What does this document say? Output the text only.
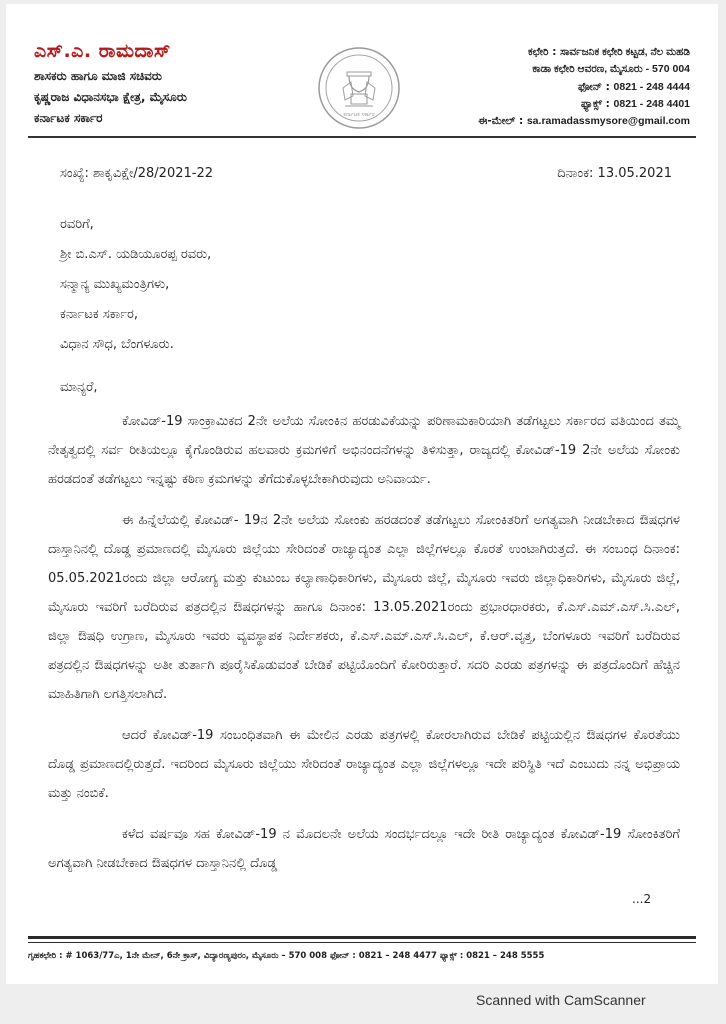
ಎಸ್.ಎ. ರಾಮದಾಸ್
ಶಾಸಕರು ಹಾಗೂ ಮಾಜಿ ಸಚಿವರು
ಕೃಷ್ಣರಾಜ ವಿಧಾನಸಭಾ ಕ್ಷೇತ್ರ, ಮೈಸೂರು
ಕರ್ನಾಟಕ ಸರ್ಕಾರ	ಕರ್ನಾಟಕ ಸರ್ಕಾರ
ಕಛೇರಿ : ಸಾರ್ವಜನಿಕ ಕಛೇರಿ ಕಟ್ಟಡ, ನೆಲ ಮಹಡಿ
ಕಾಡಾ ಕಛೇರಿ ಆವರಣ, ಮೈಸೂರು - 570 004
ಫೋನ್ : 0821 - 248 4444
ಫ್ಯಾಕ್ಸ್ : 0821 - 248 4401
ಈ-ಮೇಲ್ : sa.ramadassmysore@gmail.com
ಸಂಖ್ಯೆ: ಶಾಕೃವಿಕ್ಷೇ/28/2021-22	ದಿನಾಂಕ: 13.05.2021
ರವರಿಗೆ,
ಶ್ರೀ ಬಿ.ಎಸ್. ಯಡಿಯೂರಪ್ಪ ರವರು,
ಸನ್ಮಾನ್ಯ ಮುಖ್ಯಮಂತ್ರಿಗಳು,
ಕರ್ನಾಟಕ ಸರ್ಕಾರ,
ವಿಧಾನ ಸೌಧ, ಬೆಂಗಳೂರು.
ಮಾನ್ಯರೆ,
ಕೋವಿಡ್-19 ಸಾಂಕ್ರಾಮಿಕದ 2ನೇ ಅಲೆಯ ಸೋಂಕಿನ ಹರಡುವಿಕೆಯನ್ನು ಪರಿಣಾಮಕಾರಿಯಾಗಿ ತಡೆಗಟ್ಟಲು ಸರ್ಕಾರದ ವತಿಯಿಂದ ತಮ್ಮ ನೇತೃತ್ವದಲ್ಲಿ ಸರ್ವ ರೀತಿಯಲ್ಲೂ ಕೈಗೊಂಡಿರುವ ಹಲವಾರು ಕ್ರಮಗಳಿಗೆ ಅಭಿನಂದನೆಗಳನ್ನು ತಿಳಿಸುತ್ತಾ, ರಾಜ್ಯದಲ್ಲಿ ಕೋವಿಡ್-19 2ನೇ ಅಲೆಯ ಸೋಂಕು ಹರಡದಂತೆ ತಡೆಗಟ್ಟಲು ಇನ್ನಷ್ಟು ಕಠಿಣ ಕ್ರಮಗಳನ್ನು ತೆಗೆದುಕೊಳ್ಳಬೇಕಾಗಿರುವುದು ಅನಿವಾರ್ಯ.
ಈ ಹಿನ್ನೆಲೆಯಲ್ಲಿ ಕೋವಿಡ್- 19ನ 2ನೇ ಅಲೆಯ ಸೋಂಕು ಹರಡದಂತೆ ತಡೆಗಟ್ಟಲು ಸೋಂಕಿತರಿಗೆ ಅಗತ್ಯವಾಗಿ ನೀಡಬೇಕಾದ ಔಷಧಗಳ ದಾಸ್ತಾನಿನಲ್ಲಿ ದೊಡ್ಡ ಪ್ರಮಾಣದಲ್ಲಿ ಮೈಸೂರು ಜಿಲ್ಲೆಯು ಸೇರಿದಂತೆ ರಾಜ್ಯಾದ್ಯಂತ ಎಲ್ಲಾ ಜಿಲ್ಲೆಗಳಲ್ಲೂ ಕೊರತೆ ಉಂಟಾಗಿರುತ್ತದೆ. ಈ ಸಂಬಂಧ ದಿನಾಂಕ: 05.05.2021ರಂದು ಜಿಲ್ಲಾ ಆರೋಗ್ಯ ಮತ್ತು ಕುಟುಂಬ ಕಲ್ಯಾಣಾಧಿಕಾರಿಗಳು, ಮೈಸೂರು ಜಿಲ್ಲೆ, ಮೈಸೂರು ಇವರು ಜಿಲ್ಲಾಧಿಕಾರಿಗಳು, ಮೈಸೂರು ಜಿಲ್ಲೆ, ಮೈಸೂರು ಇವರಿಗೆ ಬರೆದಿರುವ ಪತ್ರದಲ್ಲಿನ ಔಷಧಗಳನ್ನು ಹಾಗೂ ದಿನಾಂಕ: 13.05.2021ರಂದು ಪ್ರಭಾರಧಾರಕರು, ಕೆ.ಎಸ್.ಎಮ್.ಎಸ್.ಸಿ.ಎಲ್, ಜಿಲ್ಲಾ ಔಷಧಿ ಉಗ್ರಾಣ, ಮೈಸೂರು ಇವರು ವ್ಯವಸ್ಥಾಪಕ ನಿರ್ದೇಶಕರು, ಕೆ.ಎಸ್.ಎಮ್.ಎಸ್.ಸಿ.ಎಲ್, ಕೆ.ಆರ್.ವೃತ್ತ, ಬೆಂಗಳೂರು ಇವರಿಗೆ ಬರೆದಿರುವ ಪತ್ರದಲ್ಲಿನ ಔಷಧಗಳನ್ನು ಅತೀ ತುರ್ತಾಗಿ ಪೂರೈಸಿಕೊಡುವಂತೆ ಬೇಡಿಕೆ ಪಟ್ಟಿಯೊಂದಿಗೆ ಕೋರಿರುತ್ತಾರೆ. ಸದರಿ ಎರಡು ಪತ್ರಗಳನ್ನು ಈ ಪತ್ರದೊಂದಿಗೆ ಹೆಚ್ಚಿನ ಮಾಹಿತಿಗಾಗಿ ಲಗತ್ತಿಸಲಾಗಿದೆ.
ಆದರೆ ಕೋವಿಡ್-19 ಸಂಬಂಧಿತವಾಗಿ ಈ ಮೇಲಿನ ಎರಡು ಪತ್ರಗಳಲ್ಲಿ ಕೋರಲಾಗಿರುವ ಬೇಡಿಕೆ ಪಟ್ಟಿಯಲ್ಲಿನ ಔಷಧಗಳ ಕೊರತೆಯು ದೊಡ್ಡ ಪ್ರಮಾಣದಲ್ಲಿರುತ್ತದೆ. ಇದರಿಂದ ಮೈಸೂರು ಜಿಲ್ಲೆಯು ಸೇರಿದಂತೆ ರಾಜ್ಯಾದ್ಯಂತ ಎಲ್ಲಾ ಜಿಲ್ಲೆಗಳಲ್ಲೂ ಇದೇ ಪರಿಸ್ಥಿತಿ ಇದೆ ಎಂಬುದು ನನ್ನ ಅಭಿಪ್ರಾಯ ಮತ್ತು ನಂಬಿಕೆ.
ಕಳೆದ ವರ್ಷವೂ ಸಹ ಕೋವಿಡ್-19 ನ ಮೊದಲನೇ ಅಲೆಯ ಸಂದರ್ಭದಲ್ಲೂ ಇದೇ ರೀತಿ ರಾಜ್ಯಾದ್ಯಂತ ಕೋವಿಡ್-19 ಸೋಂಕಿತರಿಗೆ ಅಗತ್ಯವಾಗಿ ನೀಡಬೇಕಾದ ಔಷಧಗಳ ದಾಸ್ತಾನಿನಲ್ಲಿ ದೊಡ್ಡ
...2
ಗೃಹಕಛೇರಿ : # 1063/77ಎ, 1ನೇ ಮೇನ್, 6ನೇ ಕ್ರಾಸ್, ವಿದ್ಯಾರಣ್ಯಪುರಂ, ಮೈಸೂರು – 570 008 ಫೋನ್ : 0821 – 248 4477 ಫ್ಯಾಕ್ಸ್ : 0821 – 248 5555
Scanned with CamScanner
